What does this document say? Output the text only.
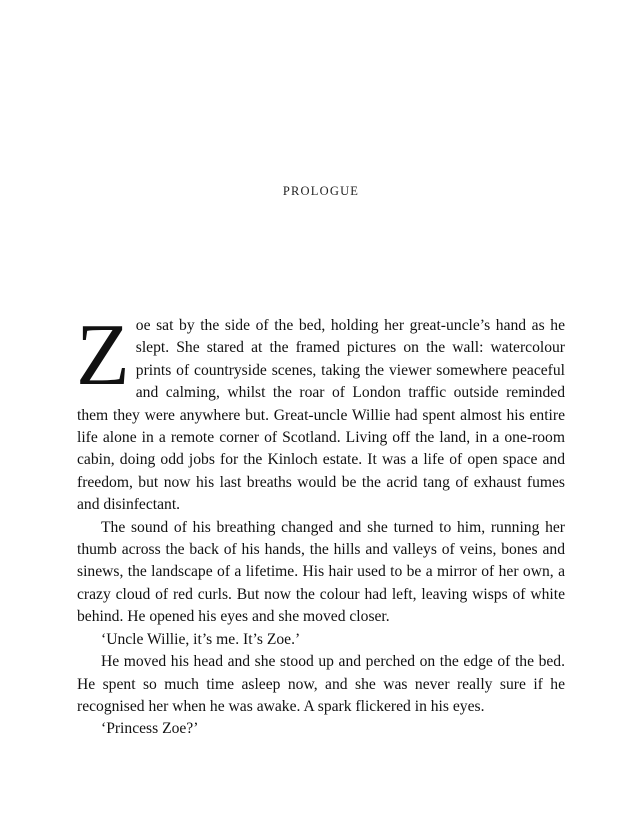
PROLOGUE

Zoe sat by the side of the bed, holding her great-uncle’s hand as he slept. She stared at the framed pictures on the wall: watercolour prints of countryside scenes, taking the viewer somewhere peaceful and calming, whilst the roar of London traffic outside reminded them they were anywhere but. Great-uncle Willie had spent almost his entire life alone in a remote corner of Scotland. Living off the land, in a one-room cabin, doing odd jobs for the Kinloch estate. It was a life of open space and freedom, but now his last breaths would be the acrid tang of exhaust fumes and disinfectant.

The sound of his breathing changed and she turned to him, running her thumb across the back of his hands, the hills and valleys of veins, bones and sinews, the landscape of a lifetime. His hair used to be a mirror of her own, a crazy cloud of red curls. But now the colour had left, leaving wisps of white behind. He opened his eyes and she moved closer.

‘Uncle Willie, it’s me. It’s Zoe.’

He moved his head and she stood up and perched on the edge of the bed. He spent so much time asleep now, and she was never really sure if he recognised her when he was awake. A spark flickered in his eyes.

‘Princess Zoe?’
